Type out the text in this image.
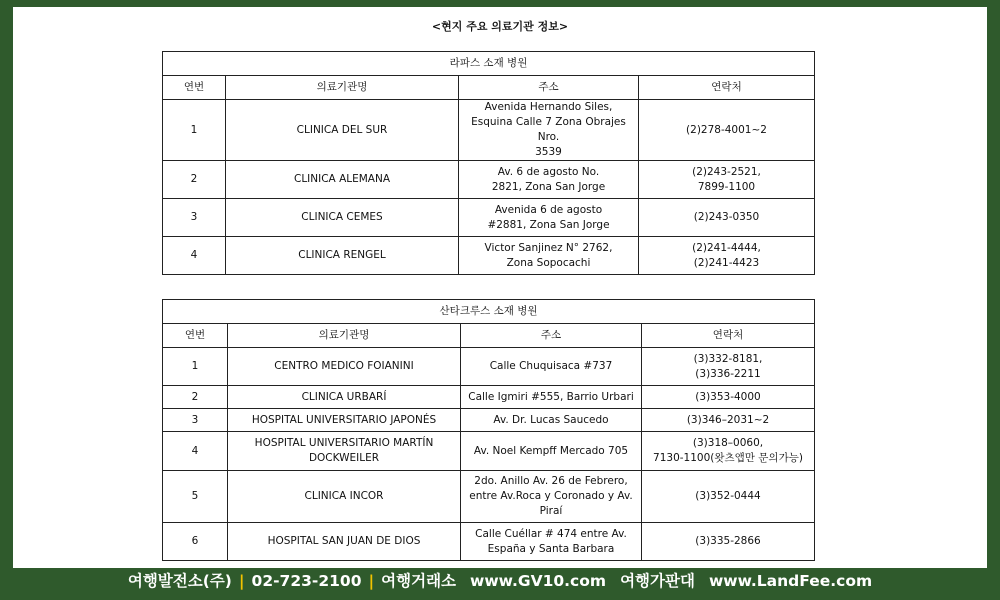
<현지 주요 의료기관 정보>
라파스 소재 병원			
연번	의료기관명	주소	연락처
1	CLINICA DEL SUR	Avenida Hernando Siles,
Esquina Calle 7 Zona Obrajes Nro.
3539	(2)278-4001~2
2	CLINICA ALEMANA	Av. 6 de agosto No.
2821, Zona San Jorge	(2)243-2521,
7899-1100
3	CLINICA CEMES	Avenida 6 de agosto
#2881, Zona San Jorge	(2)243-0350
4	CLINICA RENGEL	Victor Sanjinez N° 2762,
Zona Sopocachi	(2)241-4444,
(2)241-4423
산타크루스 소재 병원			
연번	의료기관명	주소	연락처
1	CENTRO MEDICO FOIANINI	Calle Chuquisaca #737	(3)332-8181,
(3)336-2211
2	CLINICA URBARÍ	Calle Igmiri #555, Barrio Urbari	(3)353-4000
3	HOSPITAL UNIVERSITARIO JAPONÉS	Av. Dr. Lucas Saucedo	(3)346–2031~2
4	HOSPITAL UNIVERSITARIO MARTÍN
DOCKWEILER	Av. Noel Kempff Mercado 705	(3)318–0060,
7130-1100(왓츠앱만 문의가능)
5	CLINICA INCOR	2do. Anillo Av. 26 de Febrero,
entre Av.Roca y Coronado y Av.
Piraí	(3)352-0444
6	HOSPITAL SAN JUAN DE DIOS	Calle Cuéllar # 474 entre Av.
España y Santa Barbara	(3)335-2866
여행발전소(주) | 02-723-2100 | 여행거래소 www.GV10.com 여행가판대 www.LandFee.com
